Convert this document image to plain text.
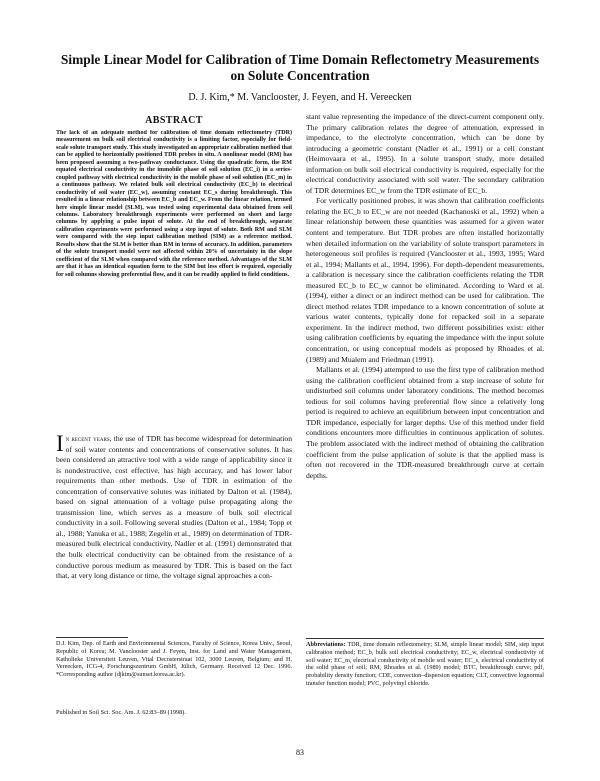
Simple Linear Model for Calibration of Time Domain Reflectometry Measurements
on Solute Concentration
D. J. Kim,* M. Vanclooster, J. Feyen, and H. Vereecken
ABSTRACT
The lack of an adequate method for calibration of time domain reflectometry (TDR) measurement on bulk soil electrical conductivity is a limiting factor, especially for field-scale solute transport study. This study investigated an appropriate calibration method that can be applied to horizontally positioned TDR probes in situ. A nonlinear model (RM) has been proposed assuming a two-pathway conductance. Using the quadratic form, the RM equated electrical conductivity in the immobile phase of soil solution (EC_i) in a series-coupled pathway with electrical conductivity in the mobile phase of soil solution (EC_m) in a continuous pathway. We related bulk soil electrical conductivity (EC_b) to electrical conductivity of soil water (EC_w), assuming constant EC_s during breakthrough. This resulted in a linear relationship between EC_b and EC_w. From the linear relation, termed here simple linear model (SLM), was tested using experimental data obtained from soil columns. Laboratory breakthrough experiments were performed on short and large columns by applying a pulse input of solute. At the end of breakthrough, separate calibration experiments were performed using a step input of solute. Both RM and SLM were compared with the step input calibration method (SIM) as a reference method. Results show that the SLM is better than RM in terms of accuracy. In addition, parameters of the solute transport model were not affected within 20% of uncertainty in the slope coefficient of the SLM when compared with the reference method. Advantages of the SLM are that it has an identical equation form to the SIM but less effort is required, especially for soil columns showing preferential flow, and it can be readily applied to field conditions.
In recent years, the use of TDR has become widespread for determination of soil water contents and concentrations of conservative solutes. It has been considered an attractive tool with a wide range of applicability since it is nondestructive, cost effective, has high accuracy, and has lower labor requirements than other methods. Use of TDR in estimation of the concentration of conservative solutes was initiated by Dalton et al. (1984), based on signal attenuation of a voltage pulse propagating along the transmission line, which serves as a measure of bulk soil electrical conductivity in a soil. Following several studies (Dalton et al., 1984; Topp et al., 1988; Yanuka et al., 1988; Zegelin et al., 1989) on determination of TDR-measured bulk electrical conductivity, Nadler et al. (1991) demonstrated that the bulk electrical conductivity can be obtained from the resistance of a conductive porous medium as measured by TDR. This is based on the fact that, at very long distance or time, the voltage signal approaches a con-
D.J. Kim, Dep. of Earth and Environmental Sciences, Faculty of Science, Korea Univ., Seoul, Republic of Korea; M. Vanclooster and J. Feyen, Inst. for Land and Water Management, Katholieke Universiteit Leuven, Vital Decosterstraat 102, 3000 Leuven, Belgium; and H. Vereecken, ICG-4, Forschungszentrum GmbH, Jülich, Germany. Received 12 Dec. 1996. *Corresponding author (djkim@sunset.korea.ac.kr).
Published in Soil Sci. Soc. Am. J. 62:83–89 (1998).

stant value representing the impedance of the direct-current component only. The primary calibration relates the degree of attenuation, expressed in impedance, to the electrolyte concentration, which can be done by introducing a geometric constant (Nadler et al., 1991) or a cell constant (Heimovaara et al., 1995). In a solute transport study, more detailed information on bulk soil electrical conductivity is required, especially for the electrical conductivity associated with soil water. The secondary calibration of TDR determines EC_w from the TDR estimate of EC_b.

For vertically positioned probes, it was shown that calibration coefficients relating the EC_b to EC_w are not needed (Kachanoski et al., 1992) when a linear relationship between these quantities was assumed for a given water content and temperature. But TDR probes are often installed horizontally when detailed information on the variability of solute transport parameters in heterogeneous soil profiles is required (Vanclooster et al., 1993, 1995; Ward et al., 1994; Mallants et al., 1994, 1996). For depth-dependent measurements, a calibration is necessary since the calibration coefficients relating the TDR measured EC_b to EC_w cannot be eliminated. According to Ward et al. (1994), either a direct or an indirect method can be used for calibration. The direct method relates TDR impedance to a known concentration of solute at various water contents, typically done for repacked soil in a separate experiment. In the indirect method, two different possibilities exist: either using calibration coefficients by equating the impedance with the input solute concentration, or using conceptual models as proposed by Rhoades et al. (1989) and Mualem and Friedman (1991).

Mallants et al. (1994) attempted to use the first type of calibration method using the calibration coefficient obtained from a step increase of solute for undisturbed soil columns under laboratory conditions. The method becomes tedious for soil columns having preferential flow since a relatively long period is required to achieve an equilibrium between input concentration and TDR impedance, especially for larger depths. Use of this method under field conditions encounters more difficulties in continuous application of solutes. The problem associated with the indirect method of obtaining the calibration coefficient from the pulse application of solute is that the applied mass is often not recovered in the TDR-measured breakthrough curve at certain depths.

Abbreviations: TDR, time domain reflectometry; SLM, simple linear model; SIM, step input calibration method; EC_b, bulk soil electrical conductivity; EC_w, electrical conductivity of soil water; EC_m, electrical conductivity of mobile soil water; EC_s, electrical conductivity of the solid phase of soil; RM, Rhoades et al. (1989) model; BTC, breakthrough curve; pdf, probability density function; CDE, convection–dispersion equation; CLT, convective lognormal transfer function model; PVC, polyvinyl chloride.
83
